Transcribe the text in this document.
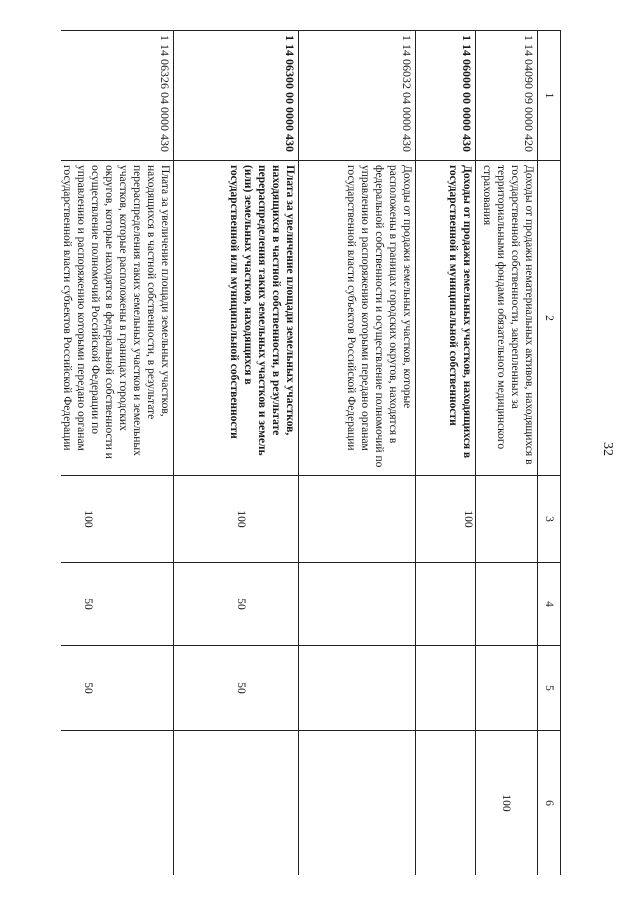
32
1	2	3	4	5	6
1 14 04090 09 0000 420	Доходы от продажи нематериальных активов, находящихся в государственной собственности, закрепленных за территориальными фондами обязательного медицинского страхования				100
1 14 06000 00 0000 430	Доходы от продажи земельных участков, находящихся в государственной и муниципальной собственности	100			
1 14 06032 04 0000 430	Доходы от продажи земельных участков, которые расположены в границах городских округов, находятся в федеральной собственности и осуществление полномочий по управлению и распоряжению которыми передано органам государственной власти субъектов Российской Федерации				
1 14 06300 00 0000 430	Плата за увеличение площади земельных участков, находящихся в частной собственности, в результате перераспределения таких земельных участков и земель (или) земельных участков, находящихся в государственной или муниципальной собственности	100	50	50	
1 14 06326 04 0000 430	Плата за увеличение площади земельных участков, находящихся в частной собственности, в результате перераспределения таких земельных участков и земельных участков, которые расположены в границах городских округов, которые находятся в федеральной собственности и осуществление полномочий Российской Федерации по управлению и распоряжению которыми передано органам государственной власти субъектов Российской Федерации	100	50	50	
